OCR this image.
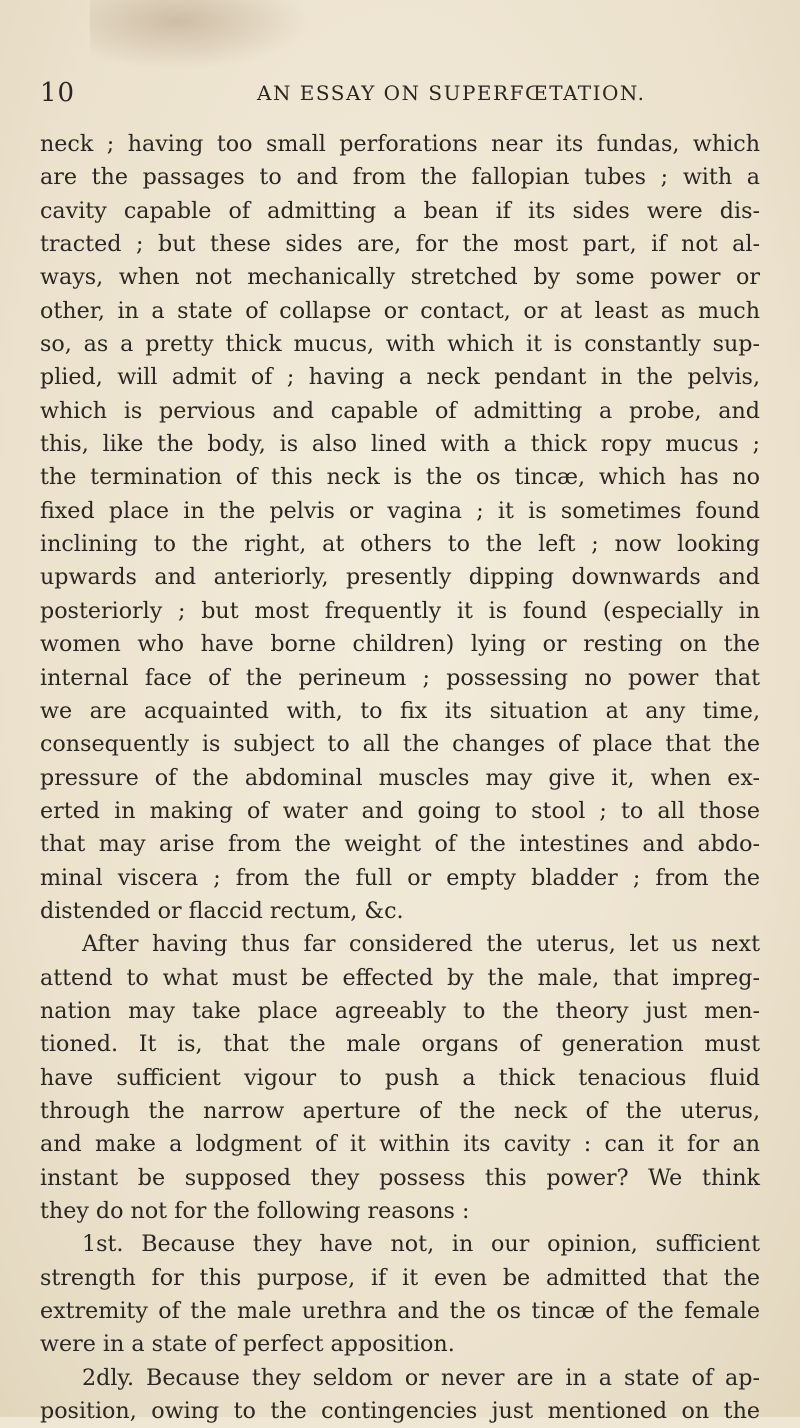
10	AN ESSAY ON SUPERFŒTATION.
neck ; having too small perforations near its fundas, which
are the passages to and from the fallopian tubes ; with a
cavity capable of admitting a bean if its sides were dis-
tracted ; but these sides are, for the most part, if not al-
ways, when not mechanically stretched by some power or
other, in a state of collapse or contact, or at least as much
so, as a pretty thick mucus, with which it is constantly sup-
plied, will admit of ; having a neck pendant in the pelvis,
which is pervious and capable of admitting a probe, and
this, like the body, is also lined with a thick ropy mucus ;
the termination of this neck is the os tincæ, which has no
fixed place in the pelvis or vagina ; it is sometimes found
inclining to the right, at others to the left ; now looking
upwards and anteriorly, presently dipping downwards and
posteriorly ; but most frequently it is found (especially in
women who have borne children) lying or resting on the
internal face of the perineum ; possessing no power that
we are acquainted with, to fix its situation at any time,
consequently is subject to all the changes of place that the
pressure of the abdominal muscles may give it, when ex-
erted in making of water and going to stool ; to all those
that may arise from the weight of the intestines and abdo-
minal viscera ; from the full or empty bladder ; from the
distended or flaccid rectum, &c.
After having thus far considered the uterus, let us next
attend to what must be effected by the male, that impreg-
nation may take place agreeably to the theory just men-
tioned. It is, that the male organs of generation must
have sufficient vigour to push a thick tenacious fluid
through the narrow aperture of the neck of the uterus,
and make a lodgment of it within its cavity : can it for an
instant be supposed they possess this power? We think
they do not for the following reasons :
1st. Because they have not, in our opinion, sufficient
strength for this purpose, if it even be admitted that the
extremity of the male urethra and the os tincæ of the female
were in a state of perfect apposition.
2dly. Because they seldom or never are in a state of ap-
position, owing to the contingencies just mentioned on the
